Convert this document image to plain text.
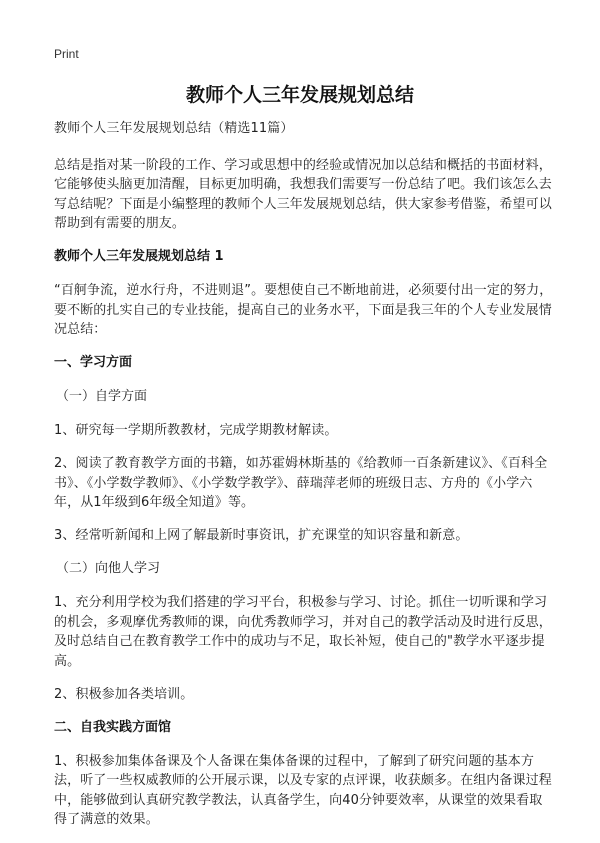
Print
教师个人三年发展规划总结

教师个人三年发展规划总结（精选11篇）

总结是指对某一阶段的工作、学习或思想中的经验或情况加以总结和概括的书面材料，它能够使头脑更加清醒，目标更加明确，我想我们需要写一份总结了吧。我们该怎么去写总结呢？下面是小编整理的教师个人三年发展规划总结，供大家参考借鉴，希望可以帮助到有需要的朋友。

教师个人三年发展规划总结 1

“百舸争流，逆水行舟，不进则退”。要想使自己不断地前进，必须要付出一定的努力，要不断的扎实自己的专业技能，提高自己的业务水平，下面是我三年的个人专业发展情况总结：

一、学习方面
（一）自学方面

1、研究每一学期所教教材，完成学期教材解读。

2、阅读了教育教学方面的书籍，如苏霍姆林斯基的《给教师一百条新建议》、《百科全书》、《小学数学教师》、《小学数学教学》、薛瑞萍老师的班级日志、方舟的《小学六年，从1年级到6年级全知道》等。

3、经常听新闻和上网了解最新时事资讯，扩充课堂的知识容量和新意。

（二）向他人学习

1、充分利用学校为我们搭建的学习平台，积极参与学习、讨论。抓住一切听课和学习的机会，多观摩优秀教师的课，向优秀教师学习，并对自己的教学活动及时进行反思，及时总结自己在教育教学工作中的成功与不足，取长补短，使自己的"教学水平逐步提高。

2、积极参加各类培训。

二、自我实践方面馆

1、积极参加集体备课及个人备课在集体备课的过程中，了解到了研究问题的基本方法，听了一些权威教师的公开展示课，以及专家的点评课，收获颇多。在组内备课过程中，能够做到认真研究教学教法，认真备学生，向40分钟要效率，从课堂的效果看取得了满意的效果。
